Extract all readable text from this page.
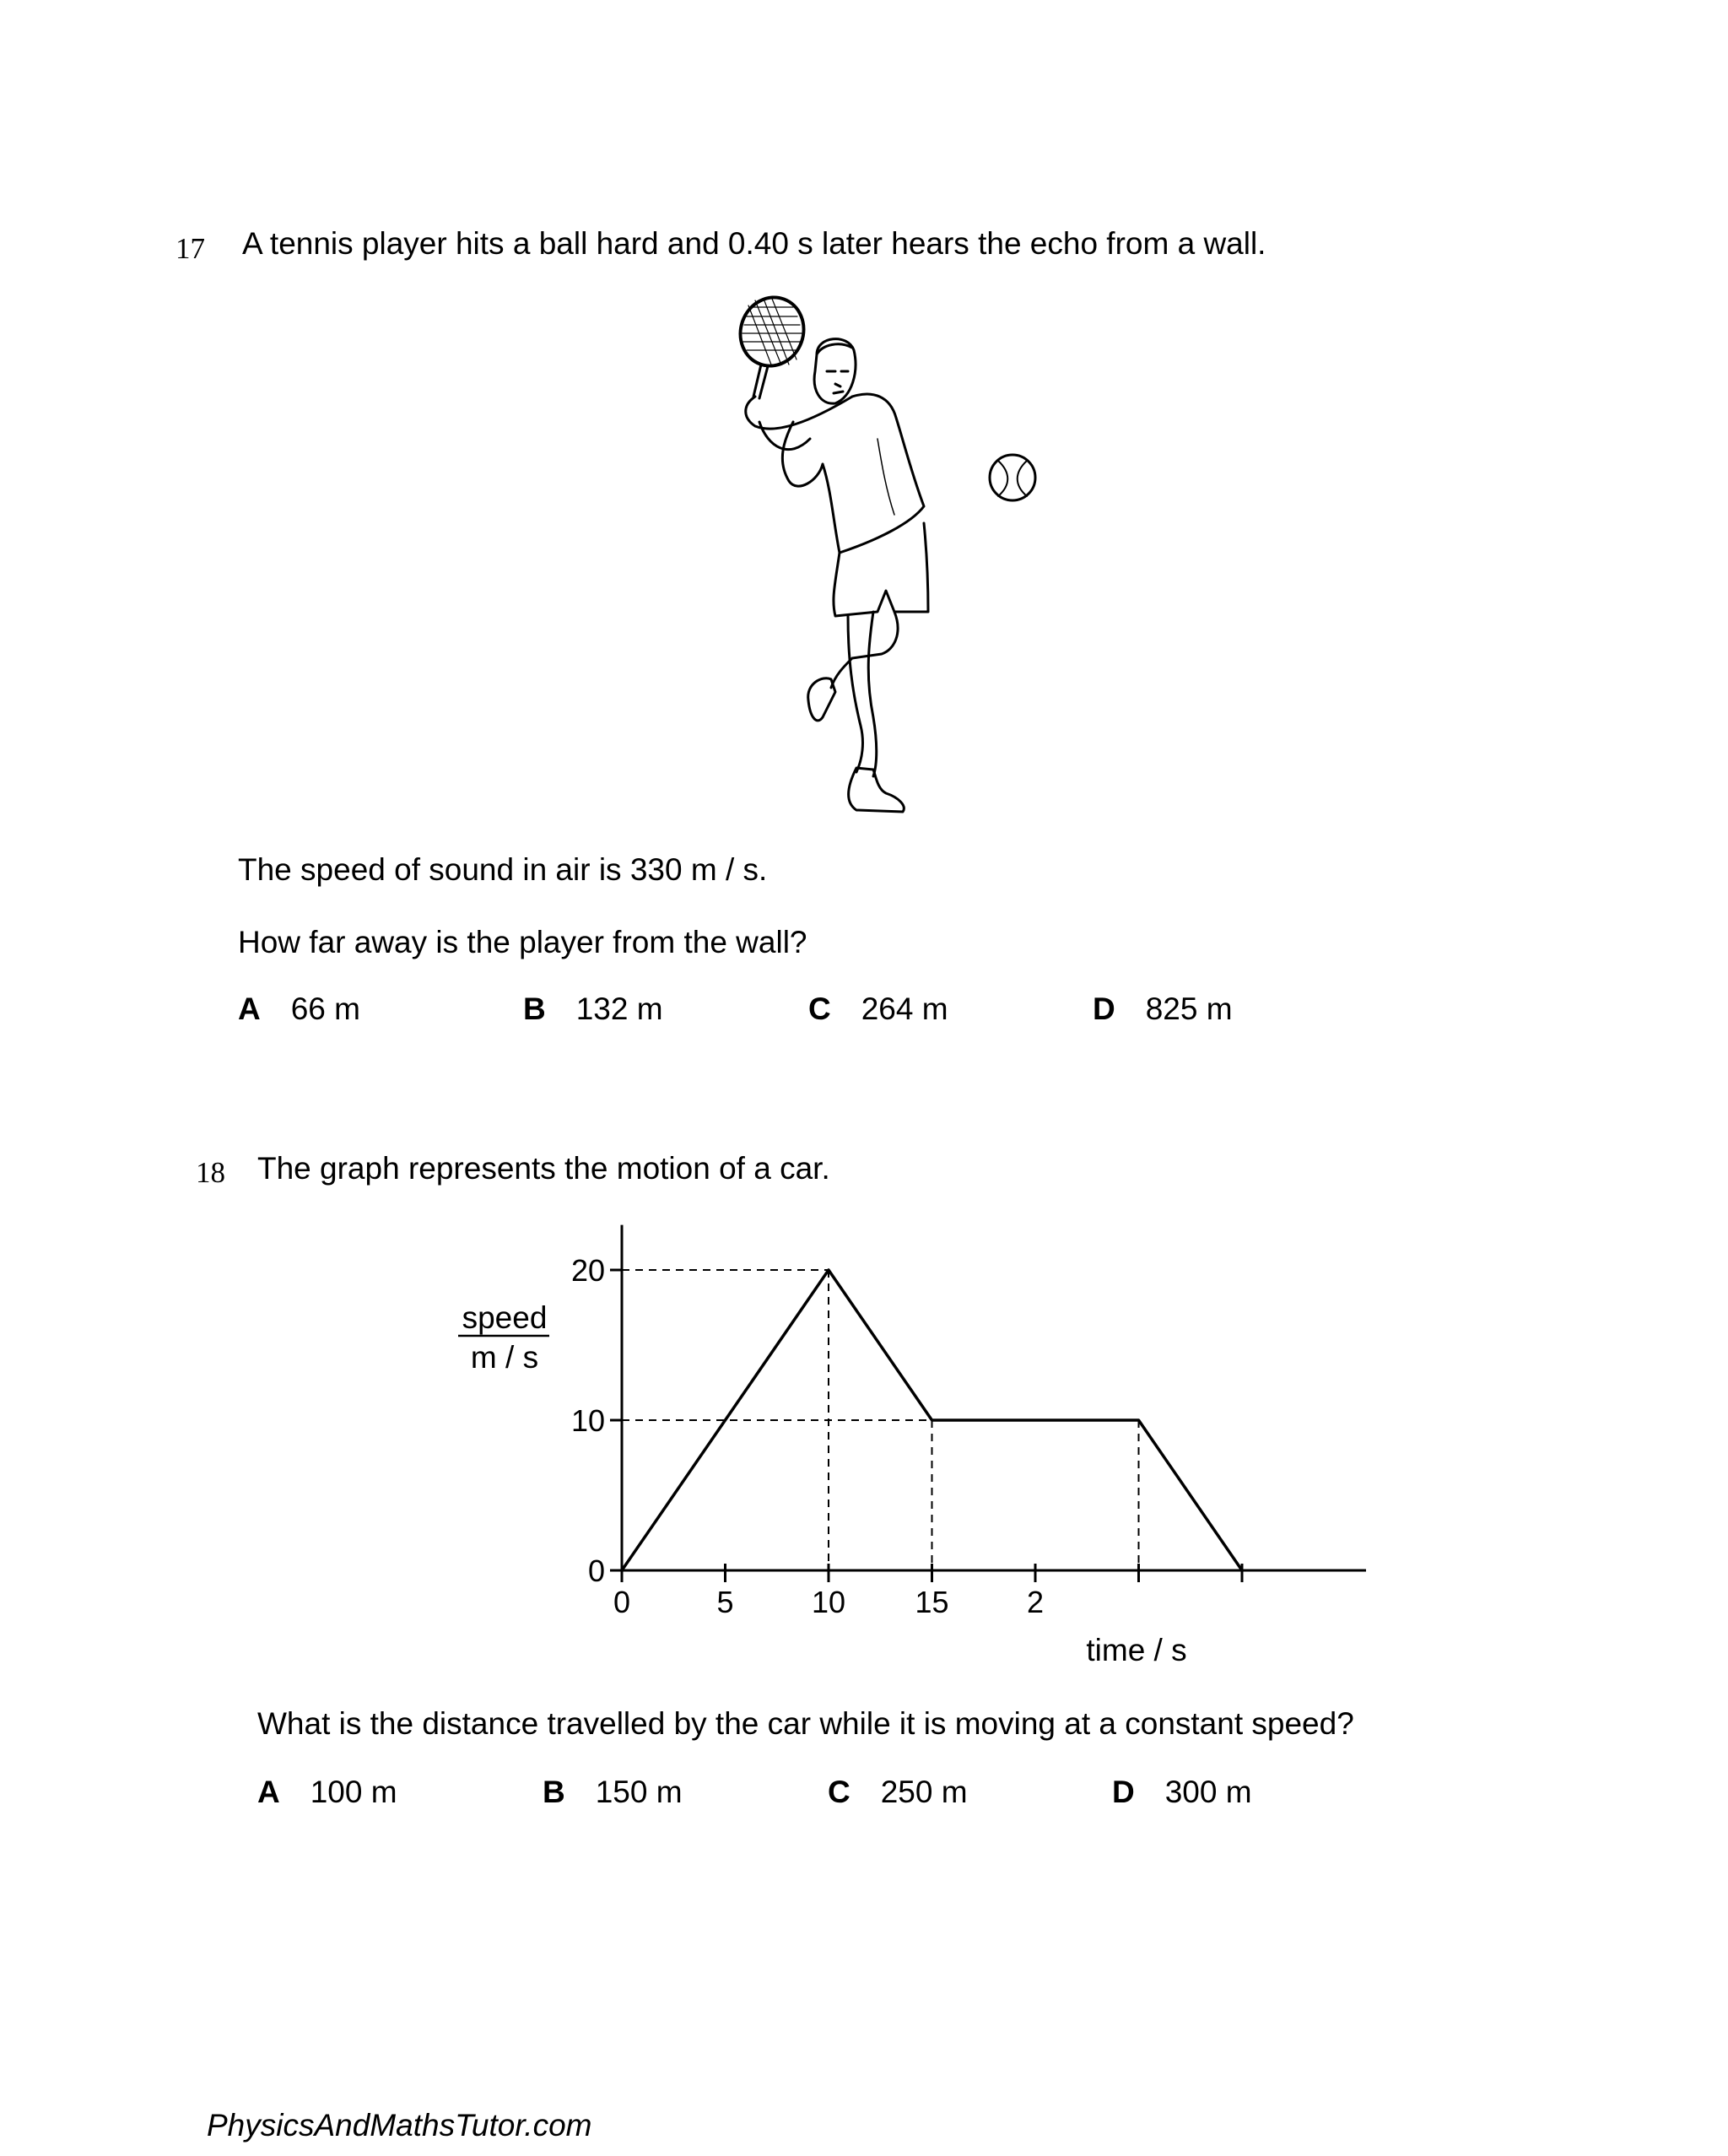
17 A tennis player hits a ball hard and 0.40 s later hears the echo from a wall.
The speed of sound in air is 330 m / s.
How far away is the player from the wall?
A 66 m	B 132 m	C 264 m	D 825 m
18 The graph represents the motion of a car.
0
10
20
0	5	10 15	2
speed
m / s
time / s
What is the distance travelled by the car while it is moving at a constant speed?
A 100 m	B 150 m	C 250 m	D 300 m
PhysicsAndMathsTutor.com
